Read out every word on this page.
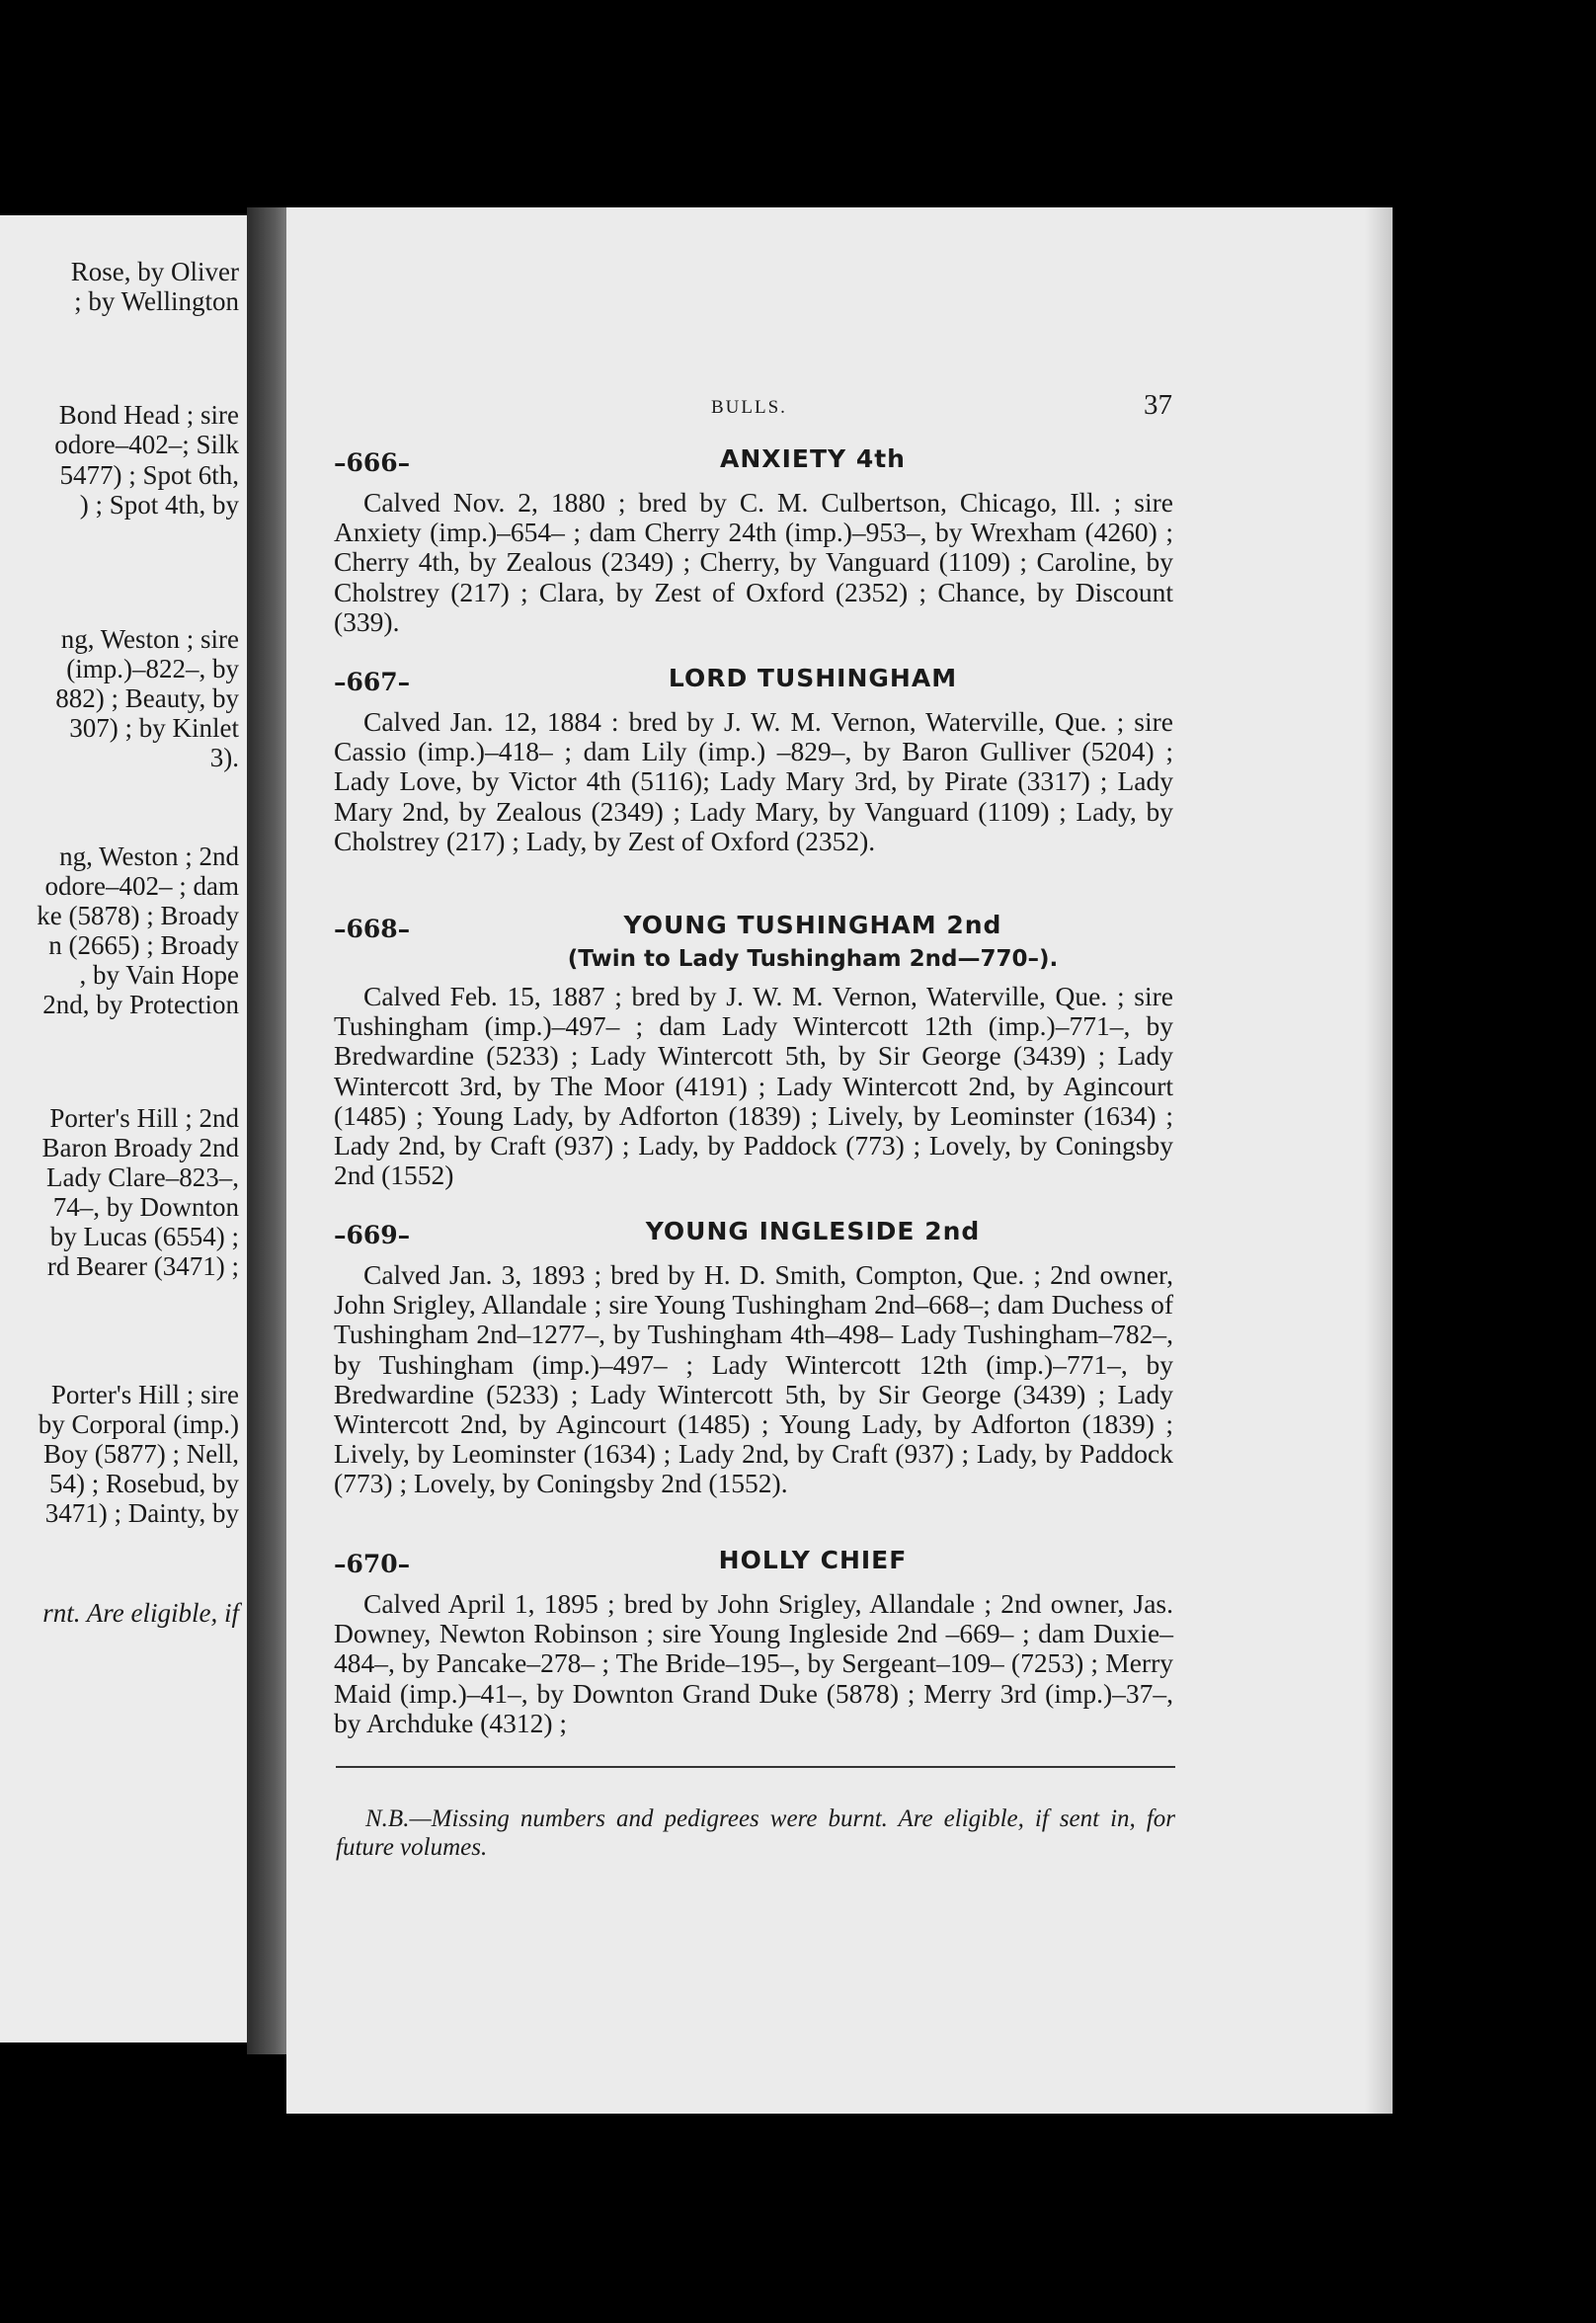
Rose, by Oliver
; by Wellington
Bond Head ; sire
odore–402–; Silk
5477) ; Spot 6th,
) ; Spot 4th, by
ng, Weston ; sire
(imp.)–822–, by
882) ; Beauty, by
307) ; by Kinlet
3).
ng, Weston ; 2nd
odore–402– ; dam
ke (5878) ; Broady
n (2665) ; Broady
, by Vain Hope
2nd, by Protection
Porter's Hill ; 2nd
Baron Broady 2nd
Lady Clare–823–,
74–, by Downton
by Lucas (6554) ;
rd Bearer (3471) ;
Porter's Hill ; sire
by Corporal (imp.)
Boy (5877) ; Nell,
54) ; Rosebud, by
3471) ; Dainty, by
rnt. Are eligible, if
BULLS.	37
–666–	ANXIETY 4th

Calved Nov. 2, 1880 ; bred by C. M. Culbertson, Chicago, Ill. ; sire Anxiety (imp.)–654– ; dam Cherry 24th (imp.)–953–, by Wrexham (4260) ; Cherry 4th, by Zealous (2349) ; Cherry, by Vanguard (1109) ; Caroline, by Cholstrey (217) ; Clara, by Zest of Oxford (2352) ; Chance, by Discount (339).

–667–	LORD TUSHINGHAM

Calved Jan. 12, 1884 : bred by J. W. M. Vernon, Waterville, Que. ; sire Cassio (imp.)–418– ; dam Lily (imp.) –829–, by Baron Gulliver (5204) ; Lady Love, by Victor 4th (5116); Lady Mary 3rd, by Pirate (3317) ; Lady Mary 2nd, by Zealous (2349) ; Lady Mary, by Vanguard (1109) ; Lady, by Cholstrey (217) ; Lady, by Zest of Oxford (2352).

–668–	YOUNG TUSHINGHAM 2nd
(Twin to Lady Tushingham 2nd—770–).

Calved Feb. 15, 1887 ; bred by J. W. M. Vernon, Waterville, Que. ; sire Tushingham (imp.)–497– ; dam Lady Wintercott 12th (imp.)–771–, by Bredwardine (5233) ; Lady Wintercott 5th, by Sir George (3439) ; Lady Wintercott 3rd, by The Moor (4191) ; Lady Wintercott 2nd, by Agincourt (1485) ; Young Lady, by Adforton (1839) ; Lively, by Leominster (1634) ; Lady 2nd, by Craft (937) ; Lady, by Paddock (773) ; Lovely, by Coningsby 2nd (1552)

–669–	YOUNG INGLESIDE 2nd

Calved Jan. 3, 1893 ; bred by H. D. Smith, Compton, Que. ; 2nd owner, John Srigley, Allandale ; sire Young Tushingham 2nd–668–; dam Duchess of Tushingham 2nd–1277–, by Tushingham 4th–498– Lady Tushingham–782–, by Tushingham (imp.)–497– ; Lady Wintercott 12th (imp.)–771–, by Bredwardine (5233) ; Lady Wintercott 5th, by Sir George (3439) ; Lady Wintercott 2nd, by Agincourt (1485) ; Young Lady, by Adforton (1839) ; Lively, by Leominster (1634) ; Lady 2nd, by Craft (937) ; Lady, by Paddock (773) ; Lovely, by Coningsby 2nd (1552).

–670–	HOLLY CHIEF

Calved April 1, 1895 ; bred by John Srigley, Allandale ; 2nd owner, Jas. Downey, Newton Robinson ; sire Young Ingleside 2nd –669– ; dam Duxie–484–, by Pancake–278– ; The Bride–195–, by Sergeant–109– (7253) ; Merry Maid (imp.)–41–, by Downton Grand Duke (5878) ; Merry 3rd (imp.)–37–, by Archduke (4312) ;

N.B.—Missing numbers and pedigrees were burnt. Are eligible, if sent in, for future volumes.
